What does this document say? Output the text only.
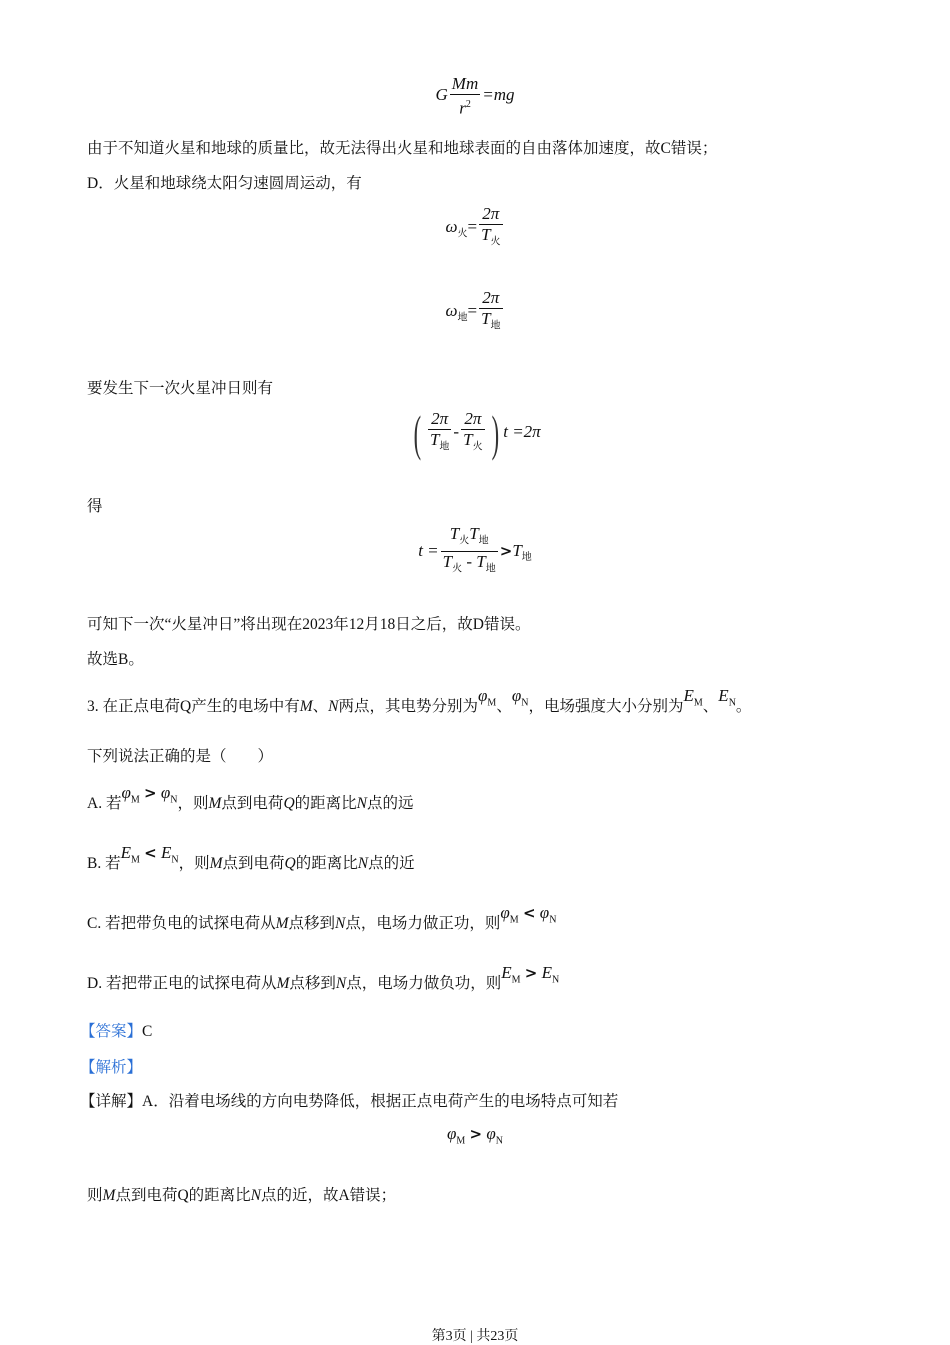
G $\frac{Mm}{r^2} =mg$
由于不知道火星和地球的质量比，故无法得出火星和地球表面的自由落体加速度，故C错误；
D．火星和地球绕太阳匀速圆周运动，有
$\omega_火= \frac{2\pi}{T_火}$
$\omega_地= \frac{2\pi}{T_地}$
要发生下一次火星冲日则有
( $\frac{2\pi}{T_地} - \frac{2\pi}{T_火}$ ) t =2π
得
$t = \frac{T_火T_地}{T_火 - T_地} >T_地$
可知下一次“火星冲日”将出现在2023年12月18日之后，故D错误。
故选B。
3. 在正点电荷Q产生的电场中有M、N两点，其电势分别为$\varphi_M$、$\varphi_N$，电场强度大小分别为$E_M$、$E_N$。
下列说法正确的是（　　）
A. 若$\varphi_M > \varphi_N$，则M点到电荷Q的距离比N点的远
B. 若$E_M < E_N$，则M点到电荷Q的距离比N点的近
C. 若把带负电的试探电荷从M点移到N点，电场力做正功，则$\varphi_M < \varphi_N$
D. 若把带正电的试探电荷从M点移到N点，电场力做负功，则$E_M > E_N$
【答案】C
【解析】
【详解】A．沿着电场线的方向电势降低，根据正点电荷产生的电场特点可知若
$\varphi_M > \varphi_N$
则M点到电荷Q的距离比N点的近，故A错误；
第3页 | 共23页
